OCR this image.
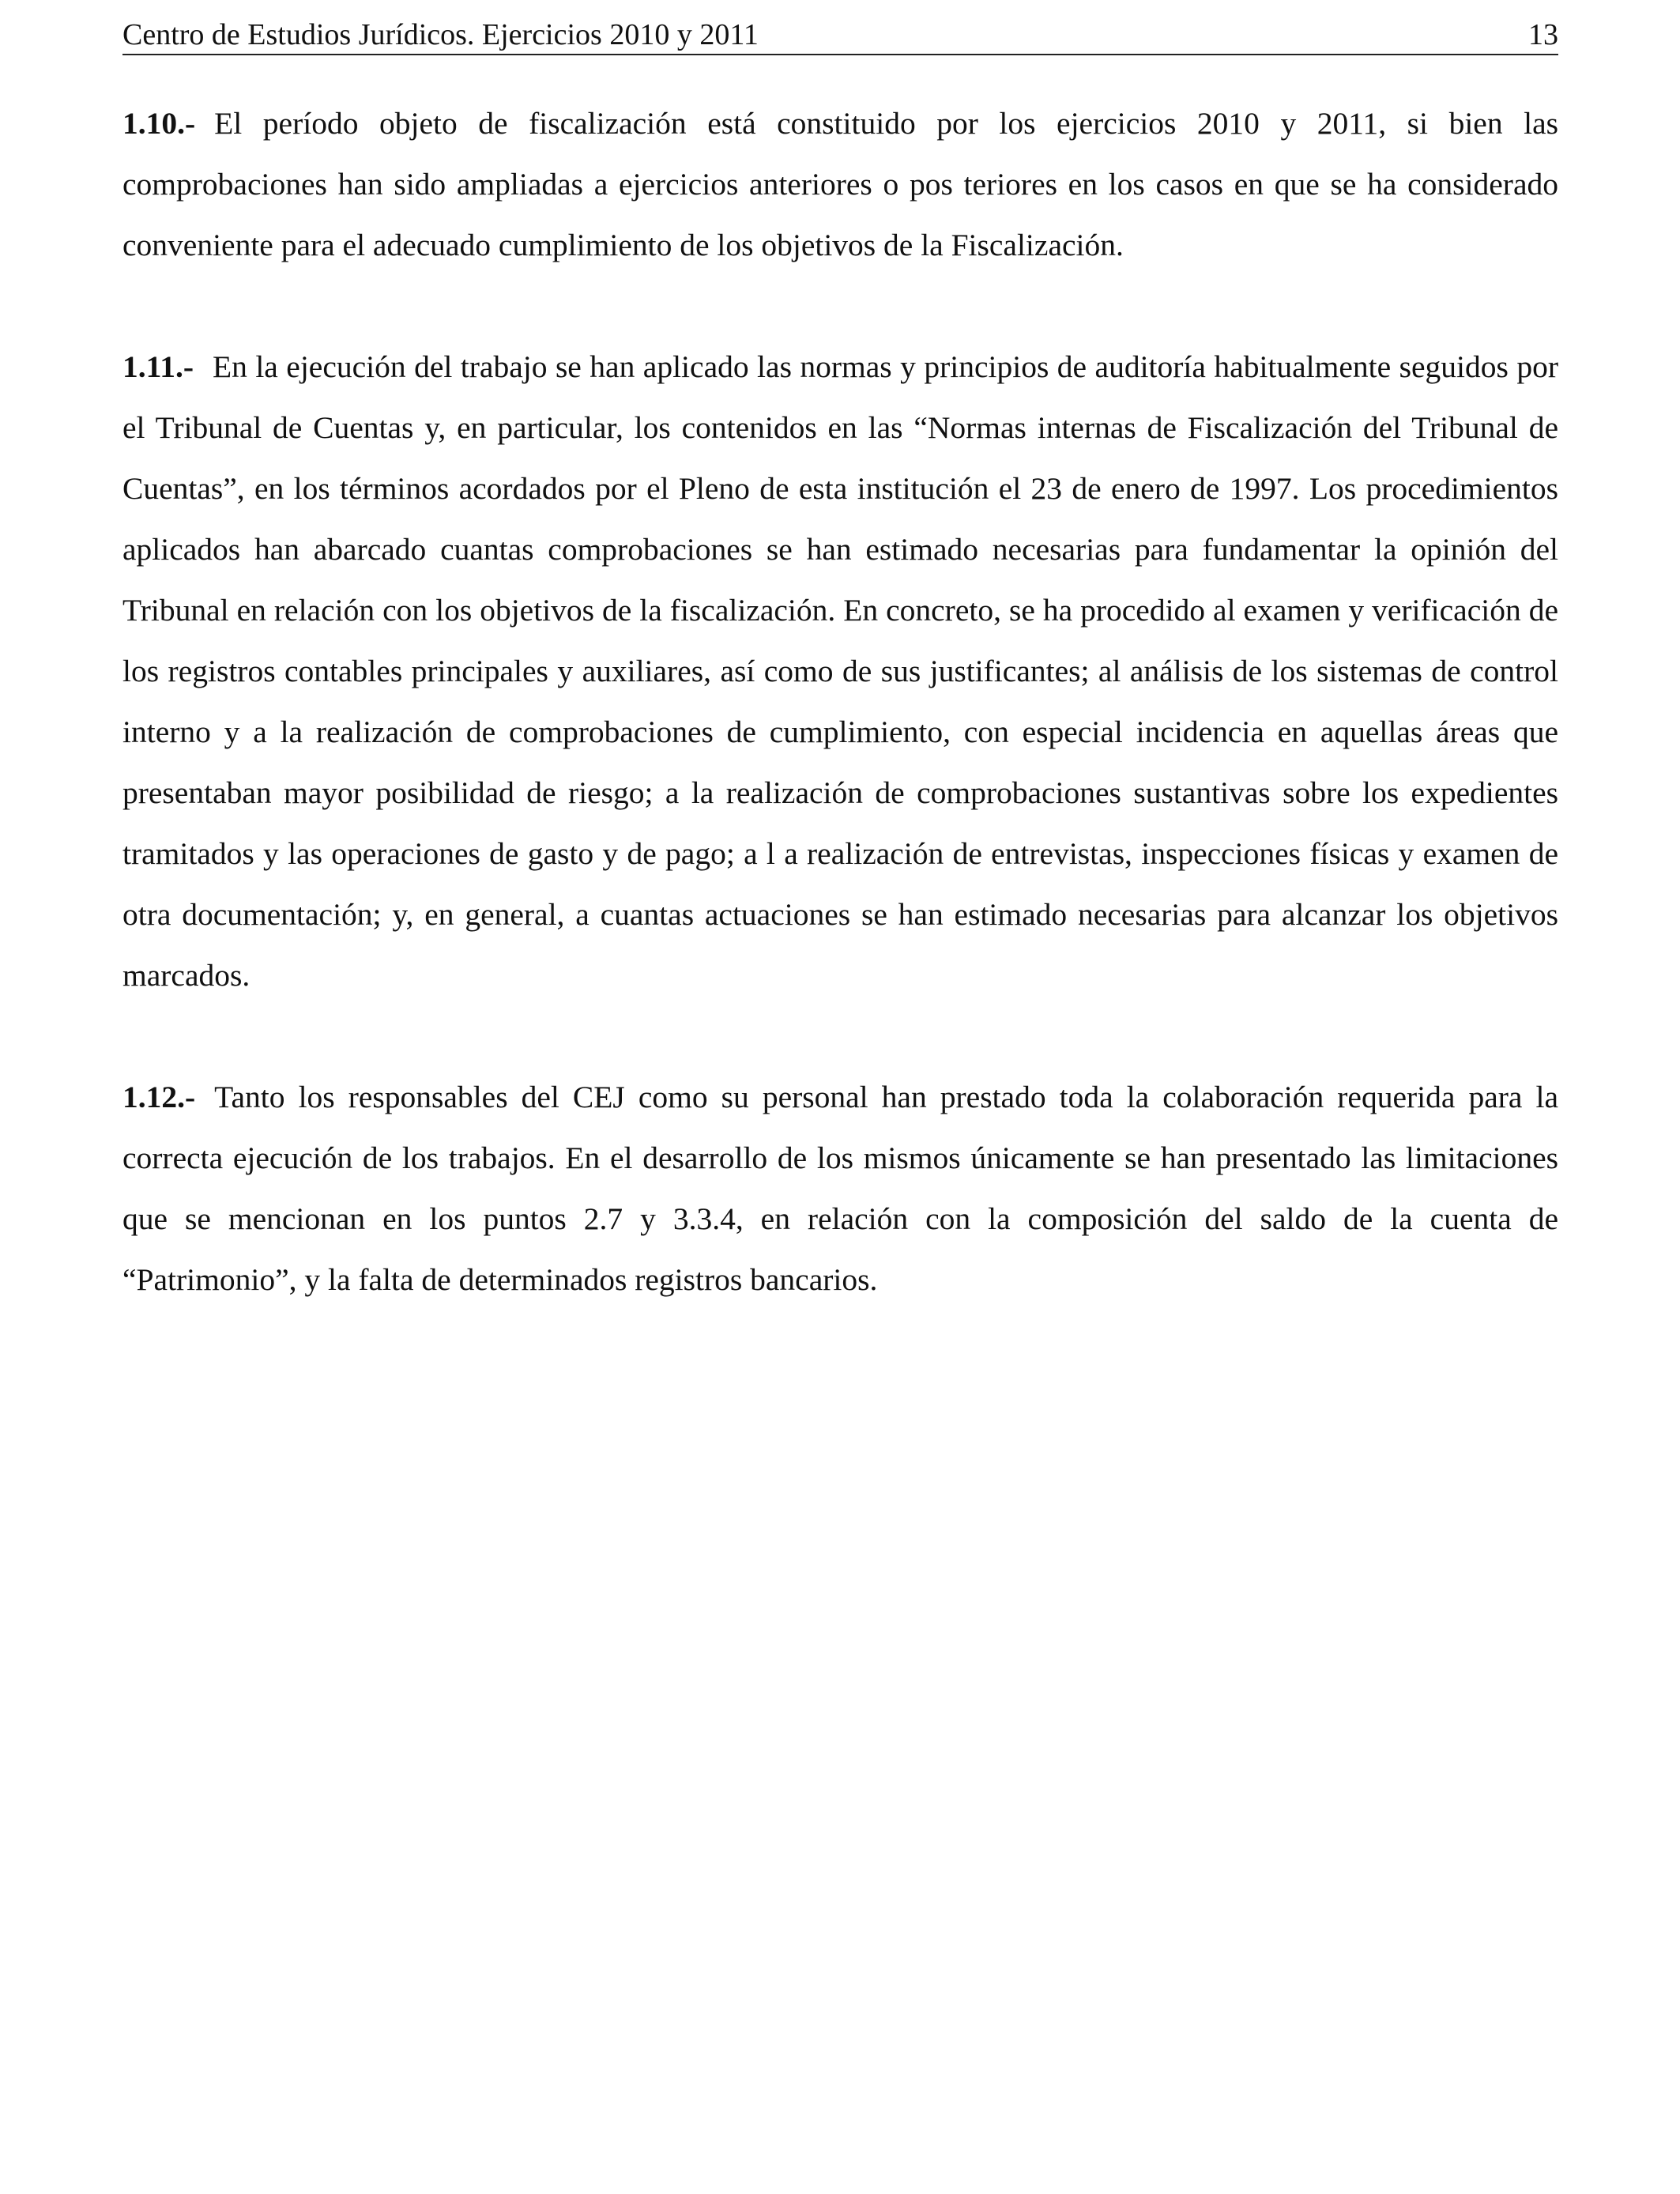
Centro de Estudios Jurídicos. Ejercicios 2010 y 2011	13

1.10.- El período objeto de fiscalización está constituido por los ejercicios 2010 y 2011, si bien las comprobaciones han sido ampliadas a ejercicios anteriores o pos teriores en los casos en que se ha considerado conveniente para el adecuado cumplimiento de los objetivos de la Fiscalización.

1.11.- En la ejecución del trabajo se han aplicado las normas y principios de auditoría habitualmente seguidos por el Tribunal de Cuentas y, en particular, los contenidos en las “Normas internas de Fiscalización del Tribunal de Cuentas”, en los términos acordados por el Pleno de esta institución el 23 de enero de 1997. Los procedimientos aplicados han abarcado cuantas comprobaciones se han estimado necesarias para fundamentar la opinión del Tribunal en relación con los objetivos de la fiscalización. En concreto, se ha procedido al examen y verificación de los registros contables principales y auxiliares, así como de sus justificantes; al análisis de los sistemas de control interno y a la realización de comprobaciones de cumplimiento, con especial incidencia en aquellas áreas que presentaban mayor posibilidad de riesgo; a la realización de comprobaciones sustantivas sobre los expedientes tramitados y las operaciones de gasto y de pago; a l a realización de entrevistas, inspecciones físicas y examen de otra documentación; y, en general, a cuantas actuaciones se han estimado necesarias para alcanzar los objetivos marcados.

1.12.- Tanto los responsables del CEJ como su personal han prestado toda la colaboración requerida para la correcta ejecución de los trabajos. En el desarrollo de los mismos únicamente se han presentado las limitaciones que se mencionan en los puntos 2.7 y 3.3.4, en relación con la composición del saldo de la cuenta de “Patrimonio”, y la falta de determinados registros bancarios.
